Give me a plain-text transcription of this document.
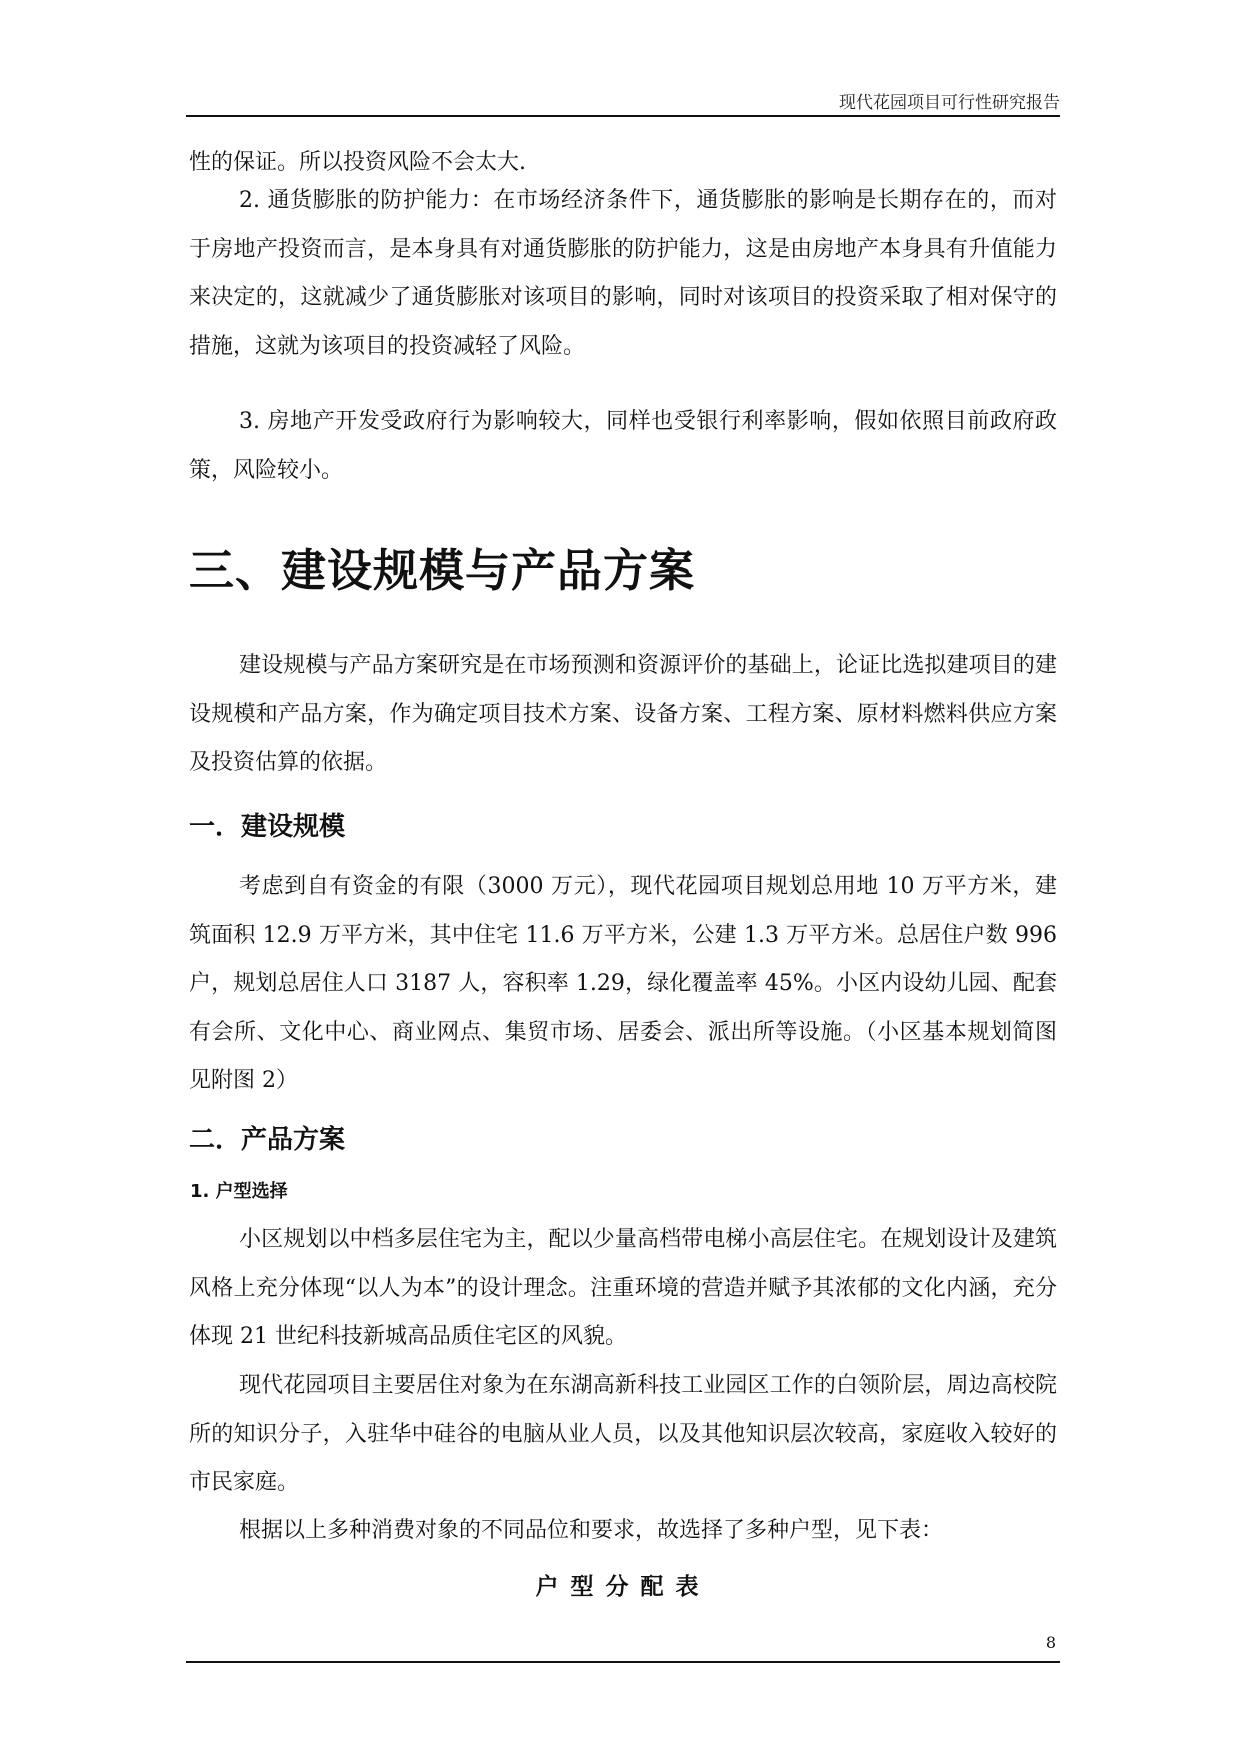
现代花园项目可行性研究报告

性的保证。所以投资风险不会太大.

2. 通货膨胀的防护能力：在市场经济条件下，通货膨胀的影响是长期存在的，而对于房地产投资而言，是本身具有对通货膨胀的防护能力，这是由房地产本身具有升值能力来决定的，这就减少了通货膨胀对该项目的影响，同时对该项目的投资采取了相对保守的措施，这就为该项目的投资减轻了风险。

3. 房地产开发受政府行为影响较大，同样也受银行利率影响，假如依照目前政府政策，风险较小。

三、建设规模与产品方案

建设规模与产品方案研究是在市场预测和资源评价的基础上，论证比选拟建项目的建设规模和产品方案，作为确定项目技术方案、设备方案、工程方案、原材料燃料供应方案及投资估算的依据。

一．建设规模

考虑到自有资金的有限（3000 万元），现代花园项目规划总用地 10 万平方米，建筑面积 12.9 万平方米，其中住宅 11.6 万平方米，公建 1.3 万平方米。总居住户数 996 户，规划总居住人口 3187 人，容积率 1.29，绿化覆盖率 45%。小区内设幼儿园、配套有会所、文化中心、商业网点、集贸市场、居委会、派出所等设施。（小区基本规划简图见附图 2）

二．产品方案
1. 户型选择

小区规划以中档多层住宅为主，配以少量高档带电梯小高层住宅。在规划设计及建筑风格上充分体现“以人为本”的设计理念。注重环境的营造并赋予其浓郁的文化内涵，充分体现 21 世纪科技新城高品质住宅区的风貌。

现代花园项目主要居住对象为在东湖高新科技工业园区工作的白领阶层，周边高校院所的知识分子，入驻华中硅谷的电脑从业人员，以及其他知识层次较高，家庭收入较好的市民家庭。

根据以上多种消费对象的不同品位和要求，故选择了多种户型，见下表：

户型分配表
8
